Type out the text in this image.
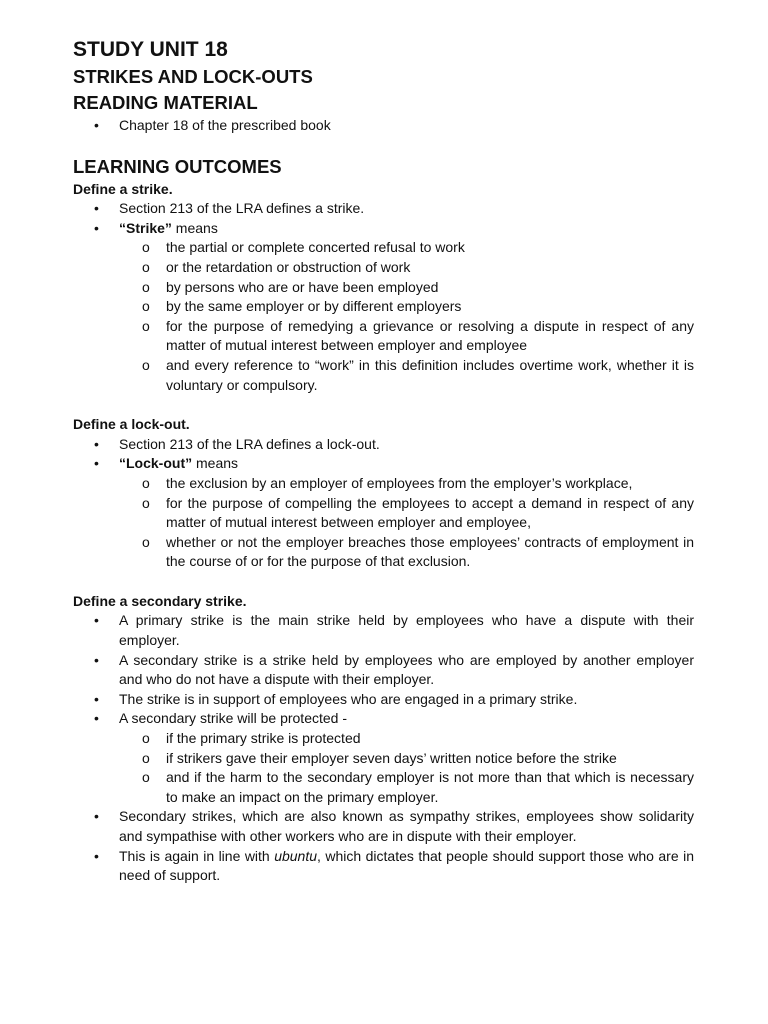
STUDY UNIT 18
STRIKES AND LOCK-OUTS
READING MATERIAL
• Chapter 18 of the prescribed book
LEARNING OUTCOMES

Define a strike.

• Section 213 of the LRA defines a strike.
• “Strike” means
o the partial or complete concerted refusal to work
o or the retardation or obstruction of work
o by persons who are or have been employed
o by the same employer or by different employers
o for the purpose of remedying a grievance or resolving a dispute in respect of any matter of mutual interest between employer and employee
o and every reference to “work” in this definition includes overtime work, whether it is voluntary or compulsory.

Define a lock-out.

• Section 213 of the LRA defines a lock-out.
• “Lock-out” means
o the exclusion by an employer of employees from the employer’s workplace,
o for the purpose of compelling the employees to accept a demand in respect of any matter of mutual interest between employer and employee,
o whether or not the employer breaches those employees’ contracts of employment in the course of or for the purpose of that exclusion.

Define a secondary strike.

• A primary strike is the main strike held by employees who have a dispute with their employer.
• A secondary strike is a strike held by employees who are employed by another employer and who do not have a dispute with their employer.
• The strike is in support of employees who are engaged in a primary strike.
• A secondary strike will be protected -
o if the primary strike is protected
o if strikers gave their employer seven days’ written notice before the strike
o and if the harm to the secondary employer is not more than that which is necessary to make an impact on the primary employer.
• Secondary strikes, which are also known as sympathy strikes, employees show solidarity and sympathise with other workers who are in dispute with their employer.
• This is again in line with ubuntu, which dictates that people should support those who are in need of support.
